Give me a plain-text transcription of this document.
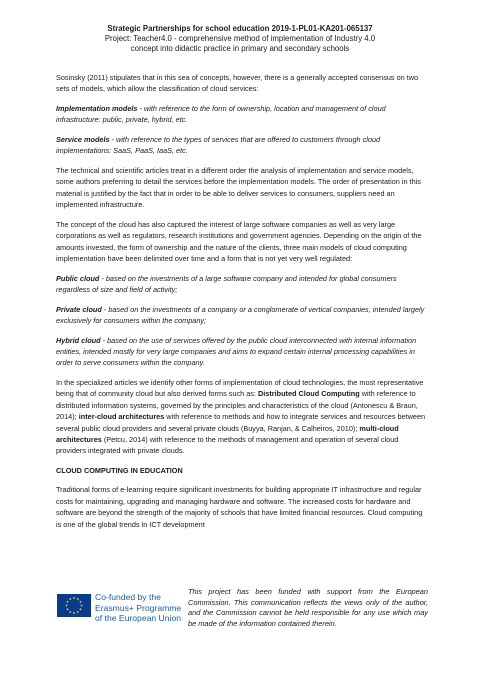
Strategic Partnerships for school education 2019-1-PL01-KA201-065137
Project: Teacher4.0 - comprehensive method of implementation of Industry 4.0
concept into didactic practice in primary and secondary schools

Sosinsky (2011) stipulates that in this sea of concepts, however, there is a generally accepted consensus on two sets of models, which allow the classification of cloud services:

Implementation models - with reference to the form of ownership, location and management of cloud infrastructure: public, private, hybrid, etc.

Service models - with reference to the types of services that are offered to customers through cloud implementations: SaaS, PaaS, IaaS, etc.

The technical and scientific articles treat in a different order the analysis of implementation and service models, some authors preferring to detail the services before the implementation models. The order of presentation in this material is justified by the fact that in order to be able to deliver services to consumers, suppliers need an implemented infrastructure.

The concept of the cloud has also captured the interest of large software companies as well as very large corporations as well as regulators, research institutions and government agencies. Depending on the origin of the amounts invested, the form of ownership and the nature of the clients, three main models of cloud computing implementation have been delimited over time and a form that is not yet very well regulated:

Public cloud - based on the investments of a large software company and intended for global consumers regardless of size and field of activity;

Private cloud - based on the investments of a company or a conglomerate of vertical companies, intended largely exclusively for consumers within the company;

Hybrid cloud - based on the use of services offered by the public cloud interconnected with internal information entities, intended mostly for very large companies and aims to expand certain internal processing capabilities in order to serve consumers within the company.

In the specialized articles we identify other forms of implementation of cloud technologies, the most representative being that of community cloud but also derived forms such as: Distributed Cloud Computing with reference to distributed information systems, governed by the principles and characteristics of the cloud (Antonescu & Braun, 2014); inter-cloud architectures with reference to methods and how to integrate services and resources between several public cloud providers and several private clouds (Buyya, Ranjan, & Calheiros, 2010); multi-cloud architectures (Petcu, 2014) with reference to the methods of management and operation of several cloud providers integrated with private clouds.

CLOUD COMPUTING IN EDUCATION

Traditional forms of e-learning require significant investments for building appropriate IT infrastructure and regular costs for maintaining, upgrading and managing hardware and software. The increased costs for hardware and software are beyond the strength of the majority of schools that have limited financial resources. Cloud computing is one of the global trends in ICT development

Co-funded by the
Erasmus+ Programme
of the European Union
This project has been funded with support from the European Commission. This communication reflects the views only of the author, and the Commission cannot be held responsible for any use which may be made of the information contained therein.
